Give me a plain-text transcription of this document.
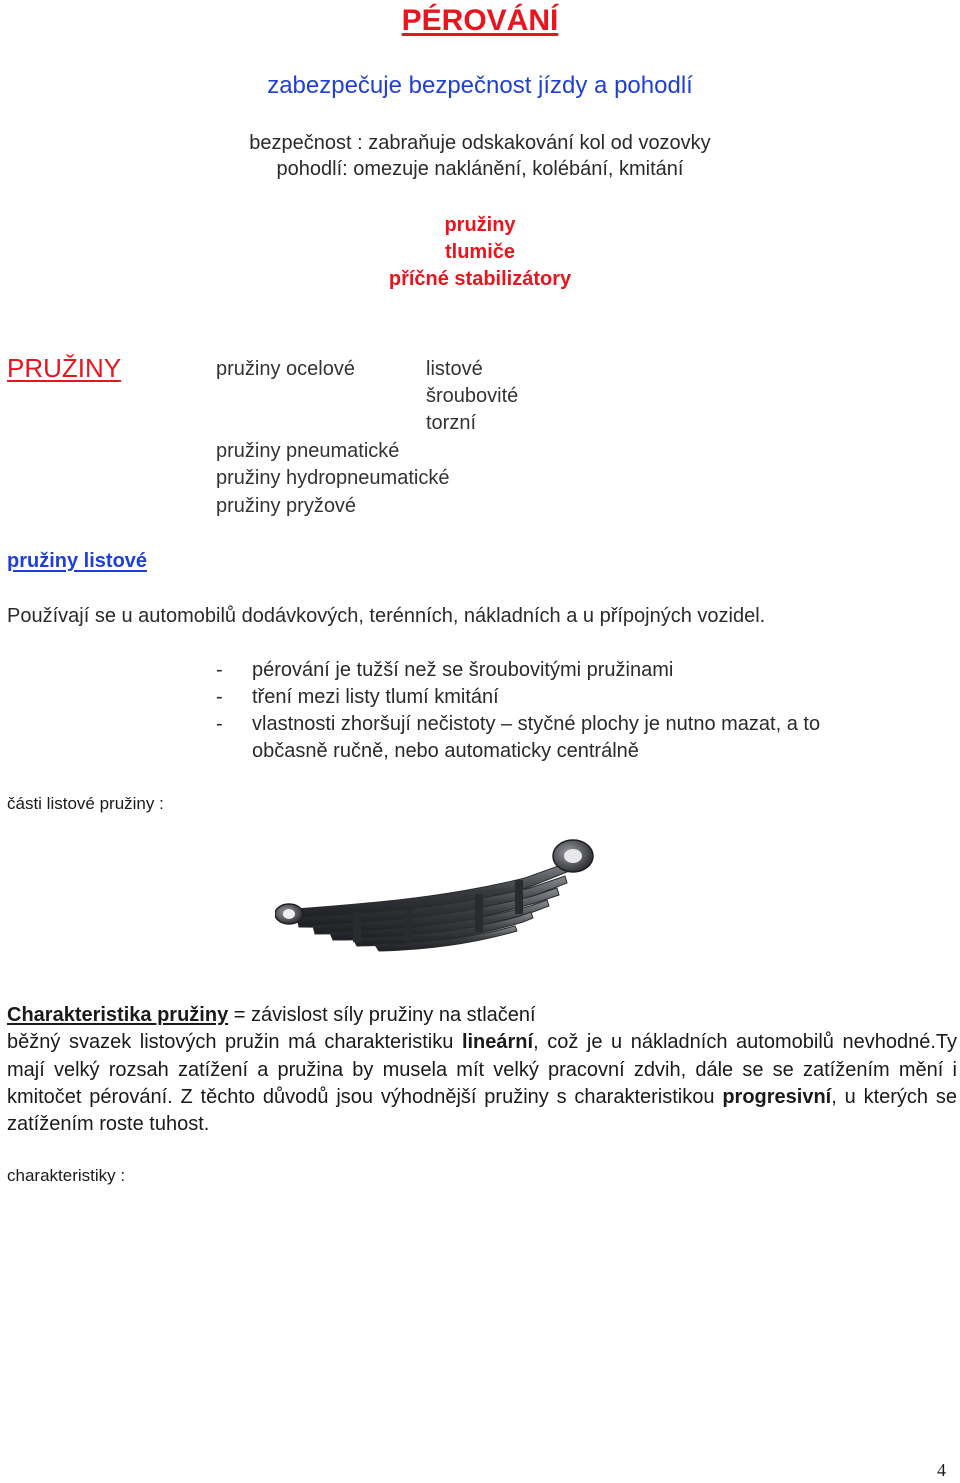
PÉROVÁNÍ
zabezpečuje bezpečnost jízdy a pohodlí
bezpečnost : zabraňuje odskakování kol od vozovky
pohodlí: omezuje naklánění, kolébání, kmitání
pružiny
tlumiče
příčné stabilizátory
PRUŽINY	pružiny ocelové	listové
šroubovité
torzní
pružiny pneumatické
pružiny hydropneumatické
pružiny pryžové
pružiny listové
Používají se u automobilů dodávkových, terénních, nákladních a u přípojných vozidel.
- pérování je tužší než se šroubovitými pružinami
- tření mezi listy tlumí kmitání
- vlastnosti zhoršují nečistoty – styčné plochy je nutno mazat, a to
občasně ručně, nebo automaticky centrálně
části listové pružiny :
Charakteristika pružiny = závislost síly pružiny na stlačení
běžný svazek listových pružin má charakteristiku lineární, což je u nákladních automobilů nevhodné.Ty mají velký rozsah zatížení a pružina by musela mít velký pracovní zdvih, dále se se zatížením mění i kmitočet pérování. Z těchto důvodů jsou výhodnější pružiny s charakteristikou progresivní, u kterých se zatížením roste tuhost.
charakteristiky :
4
